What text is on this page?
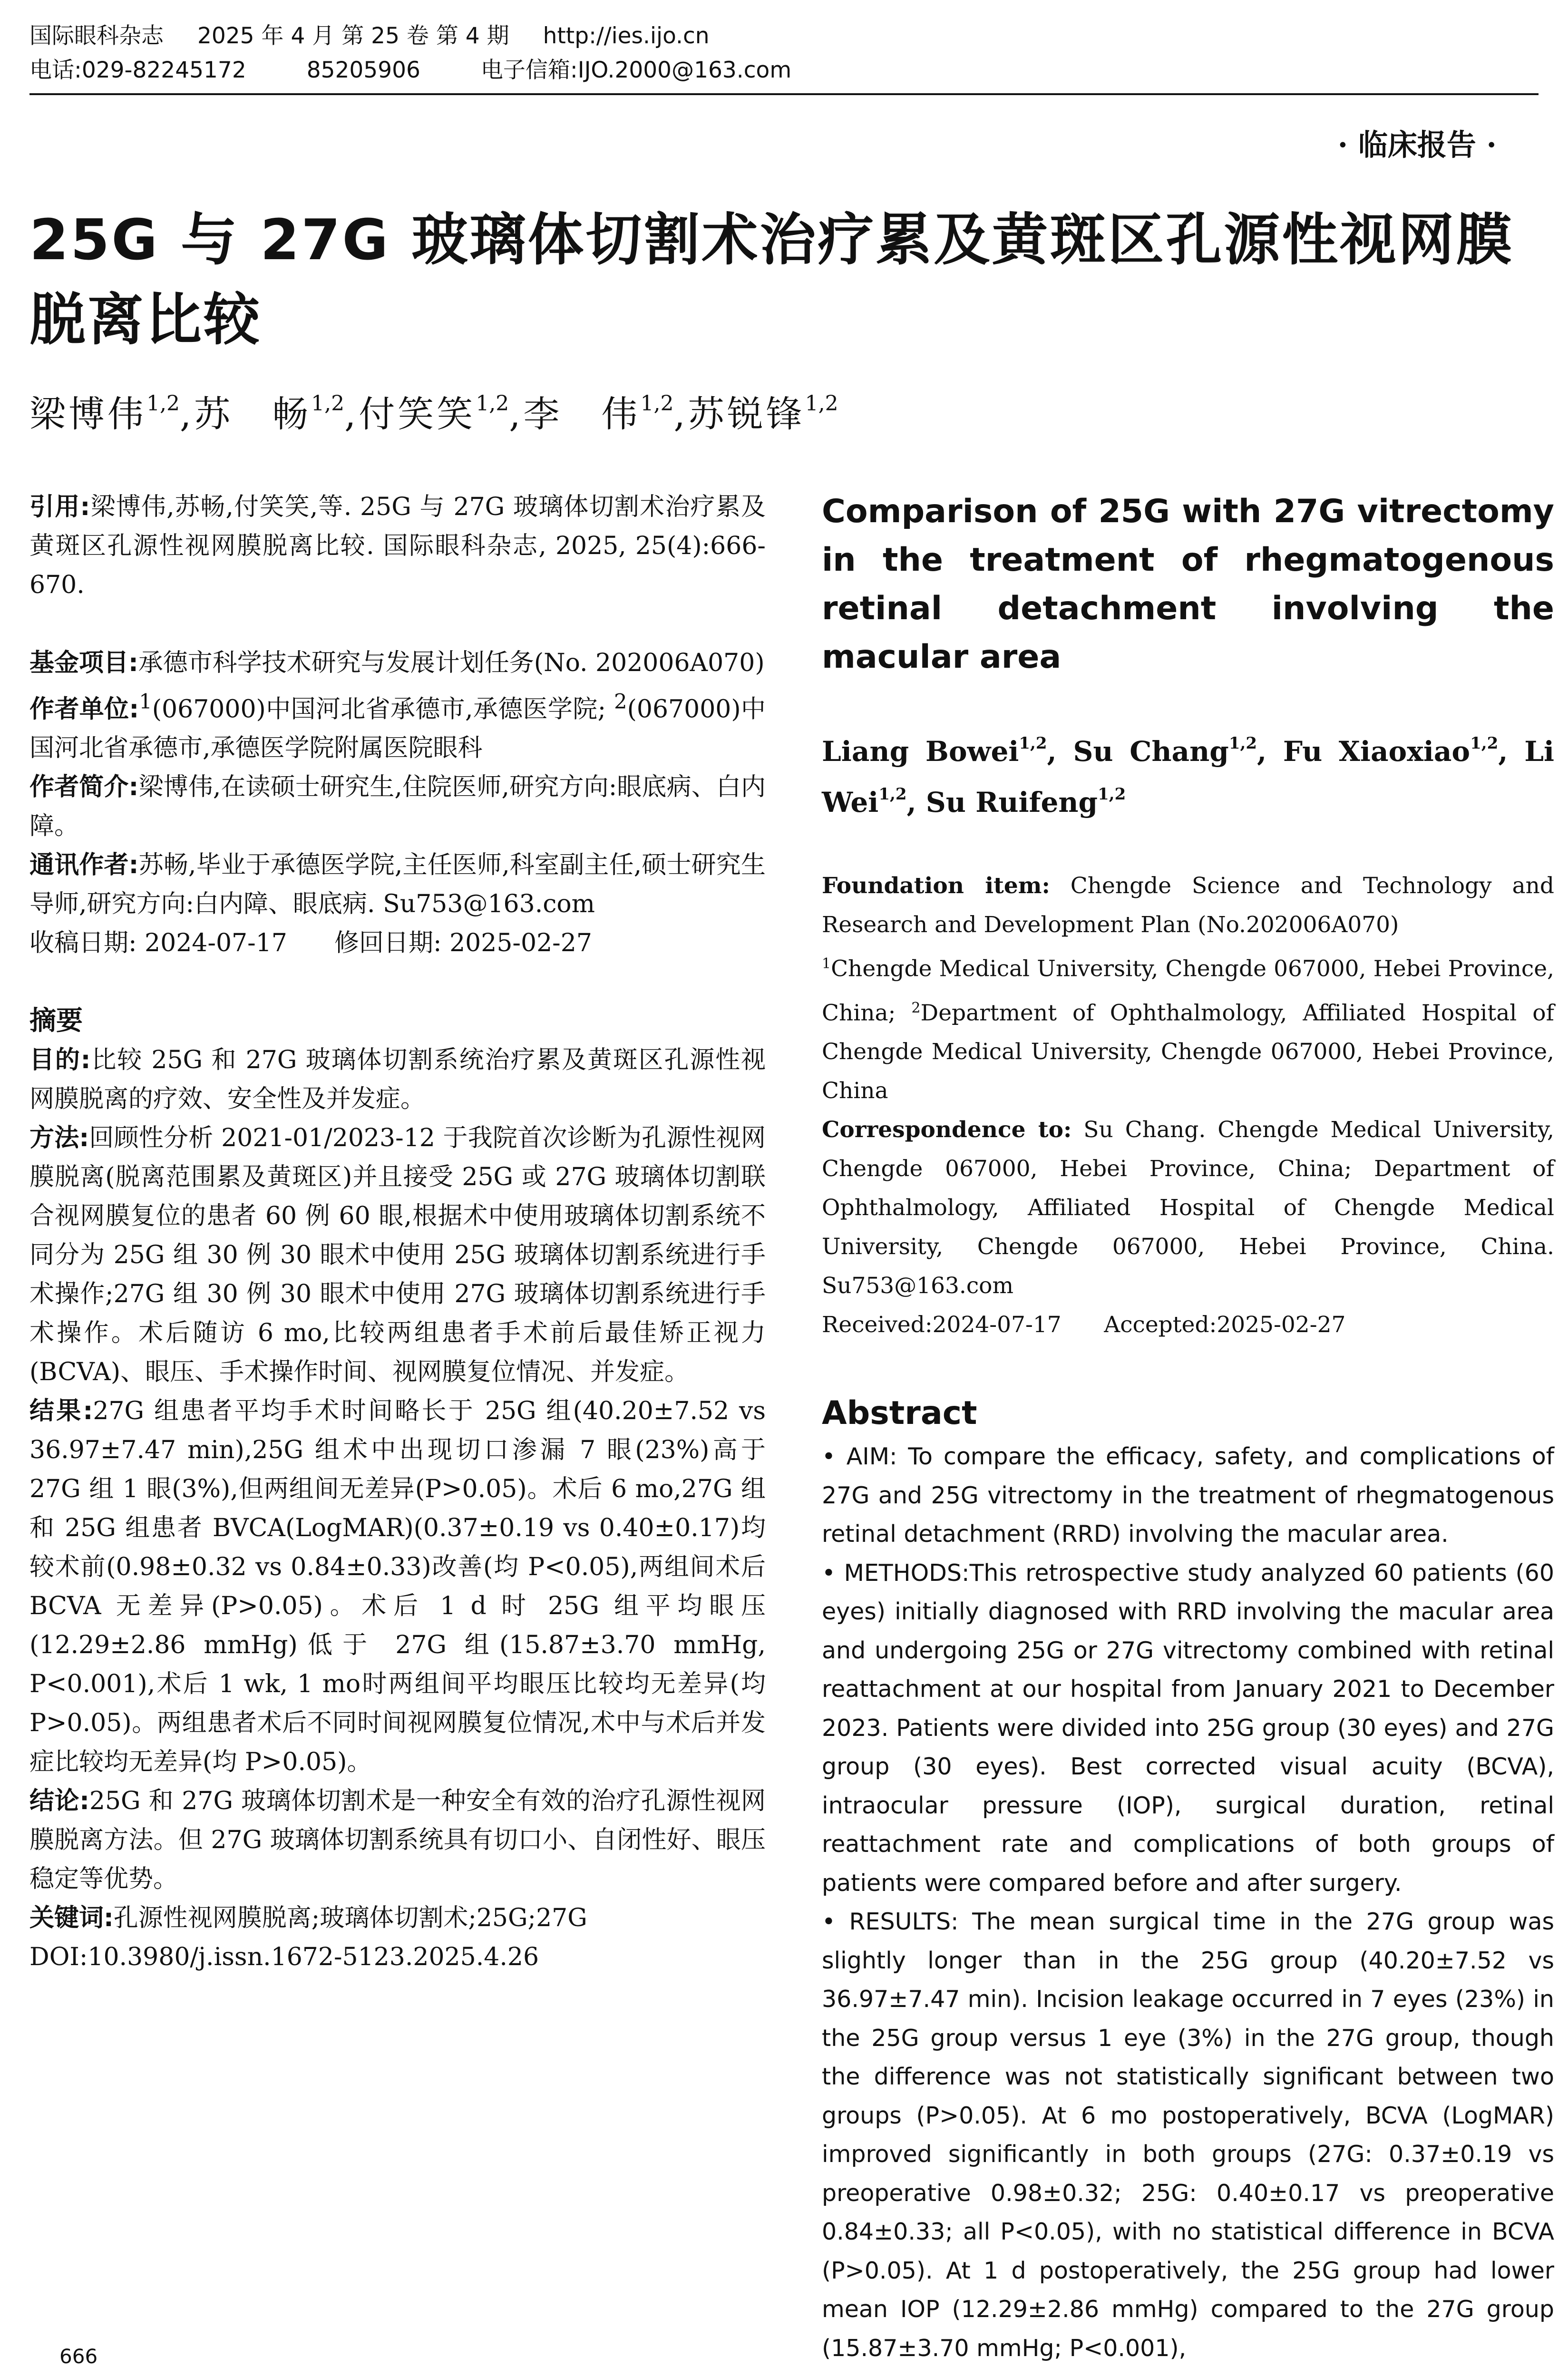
国际眼科杂志 2025 年 4 月 第 25 卷 第 4 期 http://ies.ijo.cn
电话:029-82245172	85205906	电子信箱:IJO.2000@163.com
· 临床报告 ·
25G 与 27G 玻璃体切割术治疗累及黄斑区孔源性视网膜脱离比较
梁博伟$^{1,2}$,苏　畅$^{1,2}$,付笑笑$^{1,2}$,李　伟$^{1,2}$,苏锐锋$^{1,2}$

引用:梁博伟,苏畅,付笑笑,等. 25G 与 27G 玻璃体切割术治疗累及黄斑区孔源性视网膜脱离比较. 国际眼科杂志, 2025, 25(4):666-670.

基金项目:承德市科学技术研究与发展计划任务(No. 202006A070)

作者单位:$^1$(067000)中国河北省承德市,承德医学院; $^2$(067000)中国河北省承德市,承德医学院附属医院眼科

作者简介:梁博伟,在读硕士研究生,住院医师,研究方向:眼底病、白内障。

通讯作者:苏畅,毕业于承德医学院,主任医师,科室副主任,硕士研究生导师,研究方向:白内障、眼底病. Su753@163.com

收稿日期: 2024-07-17      修回日期: 2025-02-27

摘要

目的:比较 25G 和 27G 玻璃体切割系统治疗累及黄斑区孔源性视网膜脱离的疗效、安全性及并发症。

方法:回顾性分析 2021-01/2023-12 于我院首次诊断为孔源性视网膜脱离(脱离范围累及黄斑区)并且接受 25G 或 27G 玻璃体切割联合视网膜复位的患者 60 例 60 眼,根据术中使用玻璃体切割系统不同分为 25G 组 30 例 30 眼术中使用 25G 玻璃体切割系统进行手术操作;27G 组 30 例 30 眼术中使用 27G 玻璃体切割系统进行手术操作。术后随访 6 mo,比较两组患者手术前后最佳矫正视力(BCVA)、眼压、手术操作时间、视网膜复位情况、并发症。

结果:27G 组患者平均手术时间略长于 25G 组(40.20±7.52 vs 36.97±7.47 min),25G 组术中出现切口渗漏 7 眼(23%)高于 27G 组 1 眼(3%),但两组间无差异(P>0.05)。术后 6 mo,27G 组和 25G 组患者 BVCA(LogMAR)(0.37±0.19 vs 0.40±0.17)均较术前(0.98±0.32 vs 0.84±0.33)改善(均 P<0.05),两组间术后 BCVA 无差异(P>0.05)。术后 1 d 时 25G 组平均眼压(12.29±2.86 mmHg)低于 27G 组(15.87±3.70 mmHg, P<0.001),术后 1 wk, 1 mo时两组间平均眼压比较均无差异(均 P>0.05)。两组患者术后不同时间视网膜复位情况,术中与术后并发症比较均无差异(均 P>0.05)。

结论:25G 和 27G 玻璃体切割术是一种安全有效的治疗孔源性视网膜脱离方法。但 27G 玻璃体切割系统具有切口小、自闭性好、眼压稳定等优势。

关键词:孔源性视网膜脱离;玻璃体切割术;25G;27G

DOI:10.3980/j.issn.1672-5123.2025.4.26

Comparison of 25G with 27G vitrectomy in the treatment of rhegmatogenous retinal detachment involving the macular area

Liang Bowei$^{1,2}$, Su Chang$^{1,2}$, Fu Xiaoxiao$^{1,2}$, Li Wei$^{1,2}$, Su Ruifeng$^{1,2}$

Foundation item: Chengde Science and Technology and Research and Development Plan (No.202006A070)

$^1$Chengde Medical University, Chengde 067000, Hebei Province, China; $^2$Department of Ophthalmology, Affiliated Hospital of Chengde Medical University, Chengde 067000, Hebei Province, China

Correspondence to: Su Chang. Chengde Medical University, Chengde 067000, Hebei Province, China; Department of Ophthalmology, Affiliated Hospital of Chengde Medical University, Chengde 067000, Hebei Province, China. Su753@163.com

Received:2024-07-17      Accepted:2025-02-27

Abstract

• AIM: To compare the efficacy, safety, and complications of 27G and 25G vitrectomy in the treatment of rhegmatogenous retinal detachment (RRD) involving the macular area.

• METHODS:This retrospective study analyzed 60 patients (60 eyes) initially diagnosed with RRD involving the macular area and undergoing 25G or 27G vitrectomy combined with retinal reattachment at our hospital from January 2021 to December 2023. Patients were divided into 25G group (30 eyes) and 27G group (30 eyes). Best corrected visual acuity (BCVA), intraocular pressure (IOP), surgical duration, retinal reattachment rate and complications of both groups of patients were compared before and after surgery.

• RESULTS: The mean surgical time in the 27G group was slightly longer than in the 25G group (40.20±7.52 vs 36.97±7.47 min). Incision leakage occurred in 7 eyes (23%) in the 25G group versus 1 eye (3%) in the 27G group, though the difference was not statistically significant between two groups (P>0.05). At 6 mo postoperatively, BCVA (LogMAR) improved significantly in both groups (27G: 0.37±0.19 vs preoperative 0.98±0.32; 25G: 0.40±0.17 vs preoperative 0.84±0.33; all P<0.05), with no statistical difference in BCVA (P>0.05). At 1 d postoperatively, the 25G group had lower mean IOP (12.29±2.86 mmHg) compared to the 27G group (15.87±3.70 mmHg; P<0.001),

666
